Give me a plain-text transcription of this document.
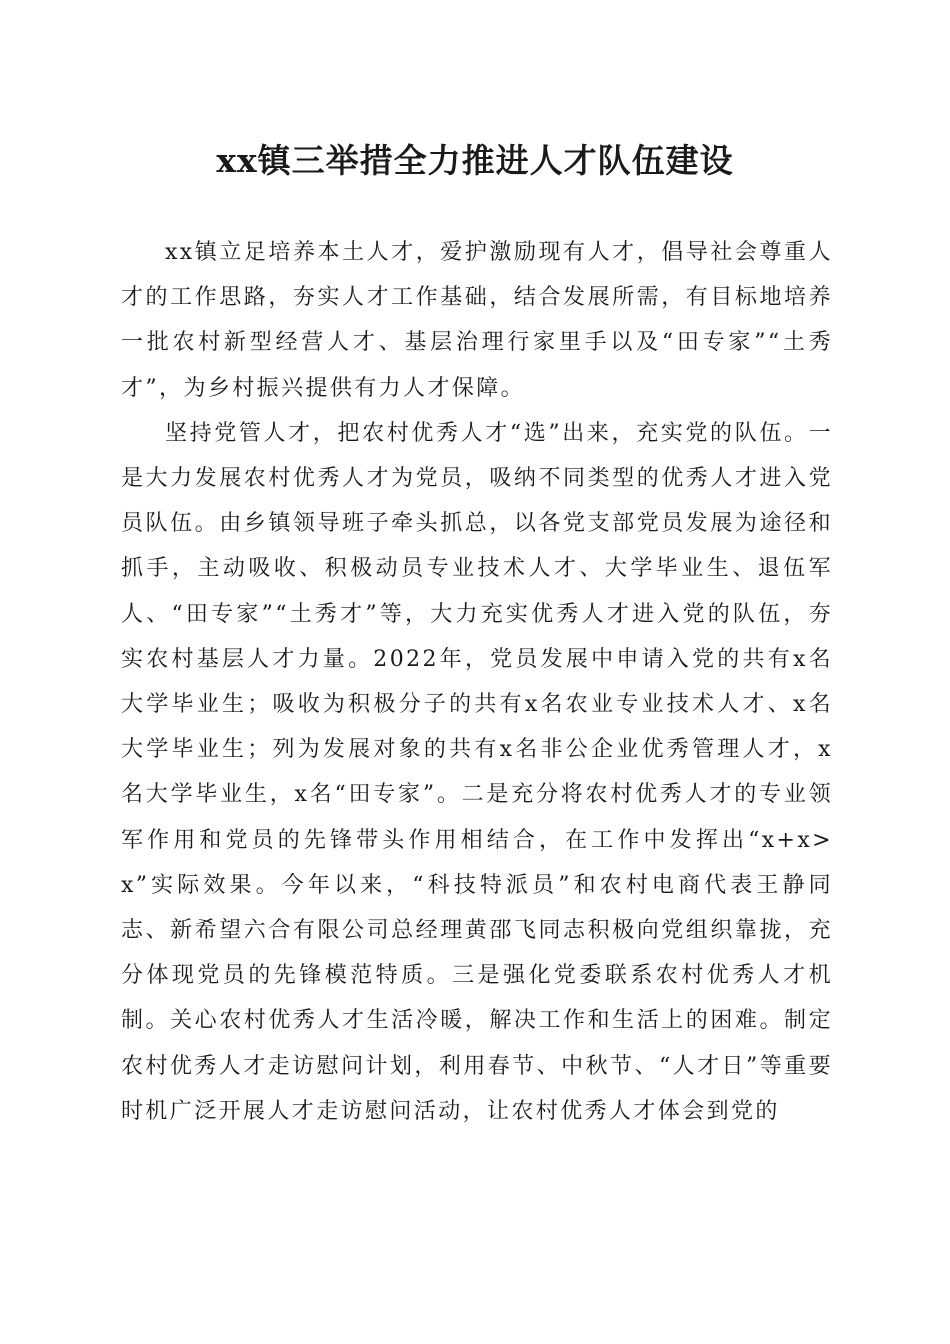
xx镇三举措全力推进人才队伍建设

xx镇立足培养本土人才，爱护激励现有人才，倡导社会尊重人才的工作思路，夯实人才工作基础，结合发展所需，有目标地培养一批农村新型经营人才、基层治理行家里手以及“田专家”“土秀才”，为乡村振兴提供有力人才保障。

坚持党管人才，把农村优秀人才“选”出来，充实党的队伍。一是大力发展农村优秀人才为党员，吸纳不同类型的优秀人才进入党员队伍。由乡镇领导班子牵头抓总，以各党支部党员发展为途径和抓手，主动吸收、积极动员专业技术人才、大学毕业生、退伍军人、“田专家”“土秀才”等，大力充实优秀人才进入党的队伍，夯实农村基层人才力量。2022年，党员发展中申请入党的共有x名大学毕业生；吸收为积极分子的共有x名农业专业技术人才、x名大学毕业生；列为发展对象的共有x名非公企业优秀管理人才，x名大学毕业生，x名“田专家”。二是充分将农村优秀人才的专业领军作用和党员的先锋带头作用相结合，在工作中发挥出“x+x>x”实际效果。今年以来，“科技特派员”和农村电商代表王静同志、新希望六合有限公司总经理黄邵飞同志积极向党组织靠拢，充分体现党员的先锋模范特质。三是强化党委联系农村优秀人才机制。关心农村优秀人才生活冷暖，解决工作和生活上的困难。制定农村优秀人才走访慰问计划，利用春节、中秋节、“人才日”等重要时机广泛开展人才走访慰问活动，让农村优秀人才体会到党的
